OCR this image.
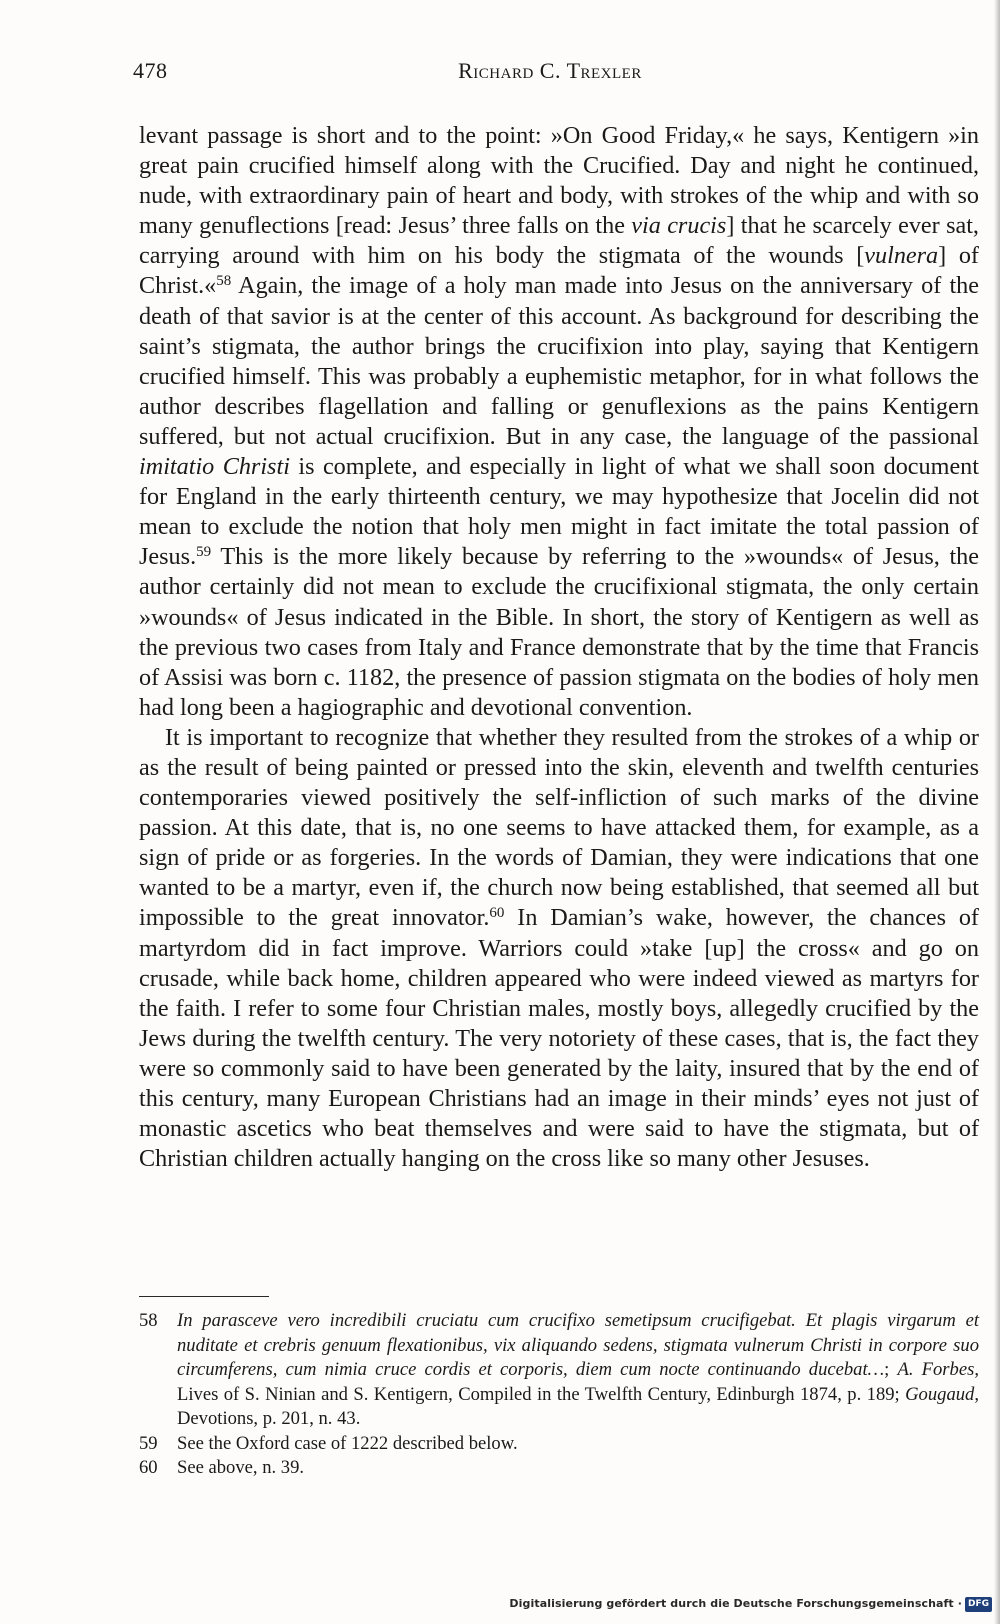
478	Richard C. Trexler

levant passage is short and to the point: »On Good Friday,« he says, Kentigern »in great pain crucified himself along with the Crucified. Day and night he continued, nude, with extraordinary pain of heart and body, with strokes of the whip and with so many genuflections [read: Jesus’ three falls on the via crucis] that he scarcely ever sat, carrying around with him on his body the stigmata of the wounds [vulnera] of Christ.«$^{58}$ Again, the image of a holy man made into Jesus on the anniversary of the death of that savior is at the center of this account. As background for describing the saint’s stigmata, the author brings the crucifixion into play, saying that Kentigern crucified himself. This was probably a euphemistic metaphor, for in what follows the author describes flagellation and falling or genuflexions as the pains Kentigern suffered, but not actual crucifixion. But in any case, the language of the passional imitatio Christi is complete, and especially in light of what we shall soon document for England in the early thirteenth century, we may hypothesize that Jocelin did not mean to exclude the notion that holy men might in fact imitate the total passion of Jesus.$^{59}$ This is the more likely because by referring to the »wounds« of Jesus, the author certainly did not mean to exclude the crucifixional stigmata, the only certain »wounds« of Jesus indicated in the Bible. In short, the story of Kentigern as well as the previous two cases from Italy and France demonstrate that by the time that Francis of Assisi was born c. 1182, the presence of passion stigmata on the bodies of holy men had long been a hagiographic and devotional convention.

It is important to recognize that whether they resulted from the strokes of a whip or as the result of being painted or pressed into the skin, eleventh and twelfth centuries contemporaries viewed positively the self-infliction of such marks of the divine passion. At this date, that is, no one seems to have attacked them, for example, as a sign of pride or as forgeries. In the words of Damian, they were indications that one wanted to be a martyr, even if, the church now being established, that seemed all but impossible to the great innovator.$^{60}$ In Damian’s wake, however, the chances of martyrdom did in fact improve. Warriors could »take [up] the cross« and go on crusade, while back home, children appeared who were indeed viewed as martyrs for the faith. I refer to some four Christian males, mostly boys, allegedly crucified by the Jews during the twelfth century. The very notoriety of these cases, that is, the fact they were so commonly said to have been generated by the laity, insured that by the end of this century, many European Christians had an image in their minds’ eyes not just of monastic ascetics who beat themselves and were said to have the stigmata, but of Christian children actually hanging on the cross like so many other Jesuses.

58	In parasceve vero incredibili cruciatu cum crucifixo semetipsum crucifigebat. Et plagis virgarum et nuditate et crebris genuum flexationibus, vix aliquando sedens, stigmata vulnerum Christi in corpore suo circumferens, cum nimia cruce cordis et corporis, diem cum nocte continuando ducebat…; A. Forbes, Lives of S. Ninian and S. Kentigern, Compiled in the Twelfth Century, Edinburgh 1874, p. 189; Gougaud, Devotions, p. 201, n. 43.
59	See the Oxford case of 1222 described below.
60	See above, n. 39.
Digitalisierung gefördert durch die Deutsche Forschungsgemeinschaft · DFG
